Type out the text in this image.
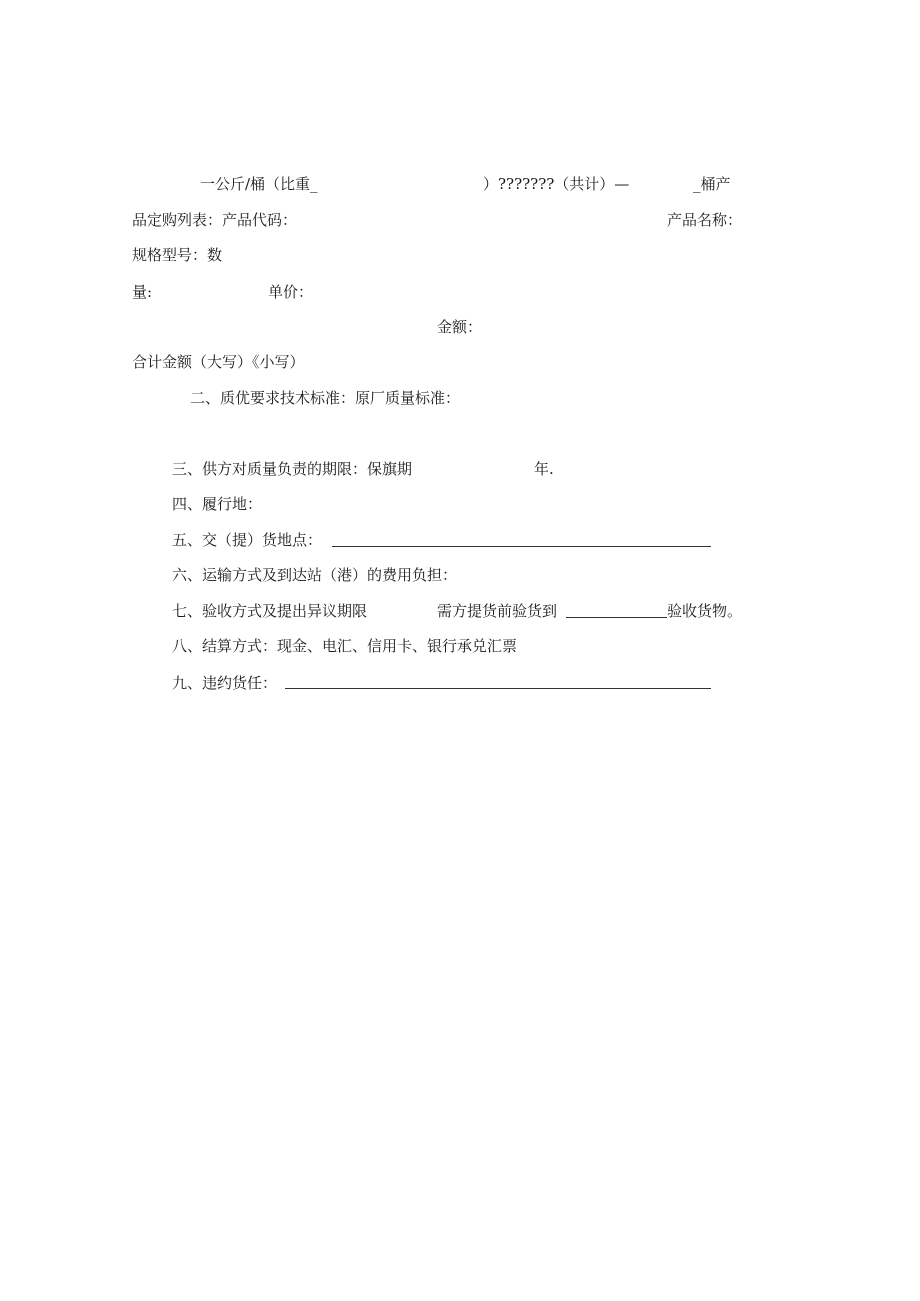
一公斤/桶（比重_	）???????（共计）—	_桶产
品定购列表：产品代码：	产品名称：
规格型号：数
量:	单价：
金额：
合计金额（大写）《小写）
二、质优要求技术标准：原厂质量标准：
三、供方对质量负责的期限：保旗期	年.
四、履行地：
五、交（提）货地点：
六、运输方式及到达站（港）的费用负担：
七、验收方式及提出异议期限	需方提货前验货到	验收货物。
八、结算方式：现金、电汇、信用卡、银行承兑汇票
九、违约货任：
